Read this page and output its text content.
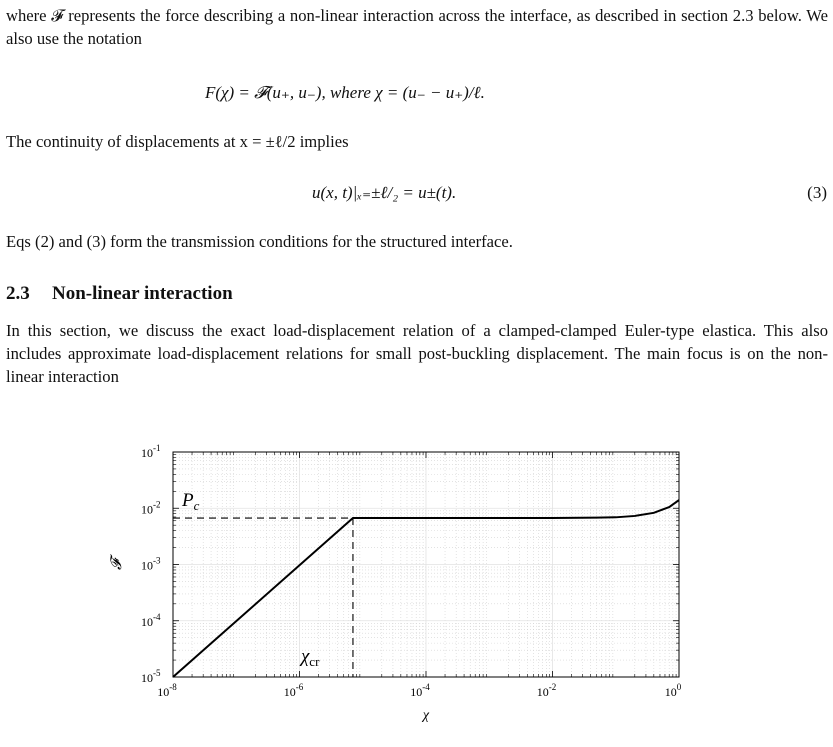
where 𝓕 represents the force describing a non-linear interaction across the interface, as described in section 2.3 below. We also use the notation
F(χ) = 𝓕(u₊, u₋), where χ = (u₋ − u₊)/ℓ.
The continuity of displacements at x = ±ℓ/2 implies
u(x, t)|ₓ₌±ℓ/₂ = u±(t).	(3)
Eqs (2) and (3) form the transmission conditions for the structured interface.
2.3 Non-linear interaction
In this section, we discuss the exact load-displacement relation of a clamped-clamped Euler-type elastica. This also includes approximate load-displacement relations for small post-buckling displacement. The main focus is on the non-linear interaction
$10^{-8}$	$10^{-6}$	$10^{-4}$	$10^{-2}$	$10^0$
$10^{-5}$
$10^{-4}$
$10^{-3}$
$10^{-2}$
$10^{-1}$
$P_c$
$\chi_{cr}$
χ
𝓕
